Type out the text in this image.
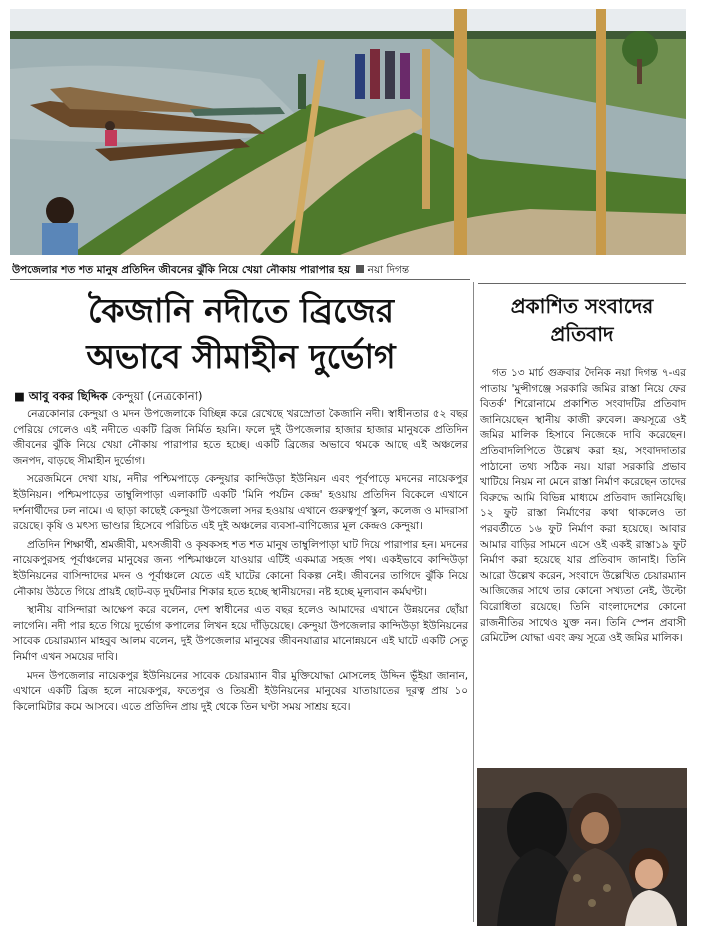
উপজেলার শত শত মানুষ প্রতিদিন জীবনের ঝুঁকি নিয়ে খেয়া নৌকায় পারাপার হয় নয়া দিগন্ত
কৈজানি নদীতে ব্রিজের
অভাবে সীমাহীন দুর্ভোগ
■ আবু বকর ছিদ্দিক কেন্দুয়া (নেত্রকোনা)

নেত্রকোনার কেন্দুয়া ও মদন উপজেলাকে বিচ্ছিন্ন করে রেখেছে খরস্রোতা কৈজানি নদী। স্বাধীনতার ৫২ বছর পেরিয়ে গেলেও এই নদীতে একটি ব্রিজ নির্মিত হয়নি। ফলে দুই উপজেলার হাজার হাজার মানুষকে প্রতিদিন জীবনের ঝুঁকি নিয়ে খেয়া নৌকায় পারাপার হতে হচ্ছে। একটি ব্রিজের অভাবে থমকে আছে এই অঞ্চলের জনপদ, বাড়ছে সীমাহীন দুর্ভোগ।

সরেজমিনে দেখা যায়, নদীর পশ্চিমপাড়ে কেন্দুয়ার কান্দিউড়া ইউনিয়ন এবং পূর্বপাড়ে মদনের নায়েকপুর ইউনিয়ন। পশ্চিমপাড়ের তাম্বুলিপাড়া এলাকাটি একটি 'মিনি পর্যটন কেন্দ্র' হওয়ায় প্রতিদিন বিকেলে এখানে দর্শনার্থীদের ঢল নামে। এ ছাড়া কাছেই কেন্দুয়া উপজেলা সদর হওয়ায় এখানে গুরুত্বপূর্ণ স্কুল, কলেজ ও মাদরাসা রয়েছে। কৃষি ও মৎস্য ভাণ্ডার হিসেবে পরিচিত এই দুই অঞ্চলের ব্যবসা-বাণিজ্যের মূল কেন্দ্রও কেন্দুয়া।

প্রতিদিন শিক্ষার্থী, শ্রমজীবী, মৎসজীবী ও কৃষকসহ শত শত মানুষ তাম্বুলিপাড়া ঘাট দিয়ে পারাপার হন। মদনের নায়েকপুরসহ পূর্বাঞ্চলের মানুষের জন্য পশ্চিমাঞ্চলে যাওয়ার এটিই একমাত্র সহজ পথ। একইভাবে কান্দিউড়া ইউনিয়নের বাসিন্দাদের মদন ও পূর্বাঞ্চলে যেতে এই ঘাটের কোনো বিকল্প নেই। জীবনের তাগিদে ঝুঁকি নিয়ে নৌকায় উঠতে গিয়ে প্রায়ই ছোট-বড় দুর্ঘটনার শিকার হতে হচ্ছে স্থানীয়দের। নষ্ট হচ্ছে মূল্যবান কর্মঘণ্টা।

স্থানীয় বাসিন্দারা আক্ষেপ করে বলেন, দেশ স্বাধীনের এত বছর হলেও আমাদের এখানে উন্নয়নের ছোঁয়া লাগেনি। নদী পার হতে গিয়ে দুর্ভোগ কপালের লিখন হয়ে দাঁড়িয়েছে। কেন্দুয়া উপজেলার কান্দিউড়া ইউনিয়নের সাবেক চেয়ারম্যান মাহবুব আলম বলেন, দুই উপজেলার মানুষের জীবনযাত্রার মানোন্নয়নে এই ঘাটে একটি সেতু নির্মাণ এখন সময়ের দাবি।

মদন উপজেলার নায়েকপুর ইউনিয়নের সাবেক চেয়ারম্যান বীর মুক্তিযোদ্ধা মোসলেহ উদ্দিন ভূঁইয়া জানান, এখানে একটি ব্রিজ হলে নায়েকপুর, ফতেপুর ও তিয়শ্রী ইউনিয়নের মানুষের যাতায়াতের দূরত্ব প্রায় ১০ কিলোমিটার কমে আসবে। এতে প্রতিদিন প্রায় দুই থেকে তিন ঘণ্টা সময় সাশ্রয় হবে।

প্রকাশিত সংবাদের
প্রতিবাদ

গত ১৩ মার্চ গুক্রবার দৈনিক নয়া দিগন্ত ৭-এর পাতায় 'মুন্সীগঞ্জে সরকারি জমির রাস্তা নিয়ে ফের বিতর্ক' শিরোনামে প্রকাশিত সংবাদটির প্রতিবাদ জানিয়েছেন স্থানীয় কাজী রুবেল। ক্রয়সূত্রে ওই জমির মালিক হিসাবে নিজেকে দাবি করেছেন। প্রতিবাদলিপিতে উল্লেখ করা হয়, সংবাদদাতার পাঠানো তথ্য সঠিক নয়। যারা সরকারি প্রভাব খাটিয়ে নিয়ম না মেনে রাস্তা নির্মাণ করেছেন তাদের বিরুদ্ধে আমি বিভিন্ন মাধ্যমে প্রতিবাদ জানিয়েছি।১২ ফুট রাস্তা নির্মাণের কথা থাকলেও তা পরবর্তীতে ১৬ ফুট নির্মাণ করা হয়েছে। আবার আমার বাড়ির সামনে এসে ওই একই রাস্তা১৯ ফুট নির্মাণ করা হয়েছে যার প্রতিবাদ জানাই। তিনি আরো উল্লেখ করেন, সংবাদে উল্লেখিত চেয়ারম্যান আজিজের সাথে তার কোনো সখ্যতা নেই, উল্টো বিরোধিতা রয়েছে। তিনি বাংলাদেশের কোনো রাজনীতির সাথেও যুক্ত নন। তিনি স্পেন প্রবাসী রেমিটেন্স যোদ্ধা এবং ক্রয় সূত্রে ওই জমির মালিক।
